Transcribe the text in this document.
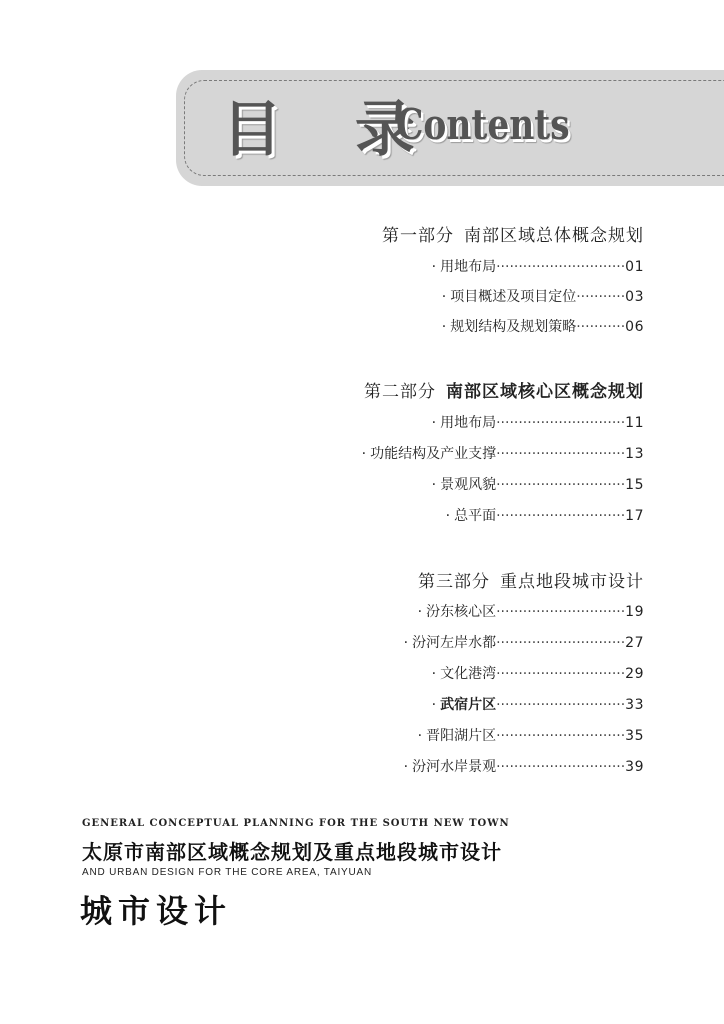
目 录
Contents
第一部分 南部区域总体概念规划
· 用地布局 ····························· 01
· 项目概述及项目定位 ··········· 03
· 规划结构及规划策略 ··········· 06
第二部分 南部区域核心区概念规划
· 用地布局 ····························· 11
· 功能结构及产业支撑 ····························· 13
· 景观风貌 ····························· 15
· 总平面 ····························· 17
第三部分 重点地段城市设计
· 汾东核心区 ····························· 19
· 汾河左岸水都 ····························· 27
· 文化港湾 ····························· 29
· 武宿片区 ····························· 33
· 晋阳湖片区 ····························· 35
· 汾河水岸景观 ····························· 39
GENERAL CONCEPTUAL PLANNING FOR THE SOUTH NEW TOWN
太原市南部区域概念规划及重点地段城市设计
AND URBAN DESIGN FOR THE CORE AREA, TAIYUAN
城市设计
